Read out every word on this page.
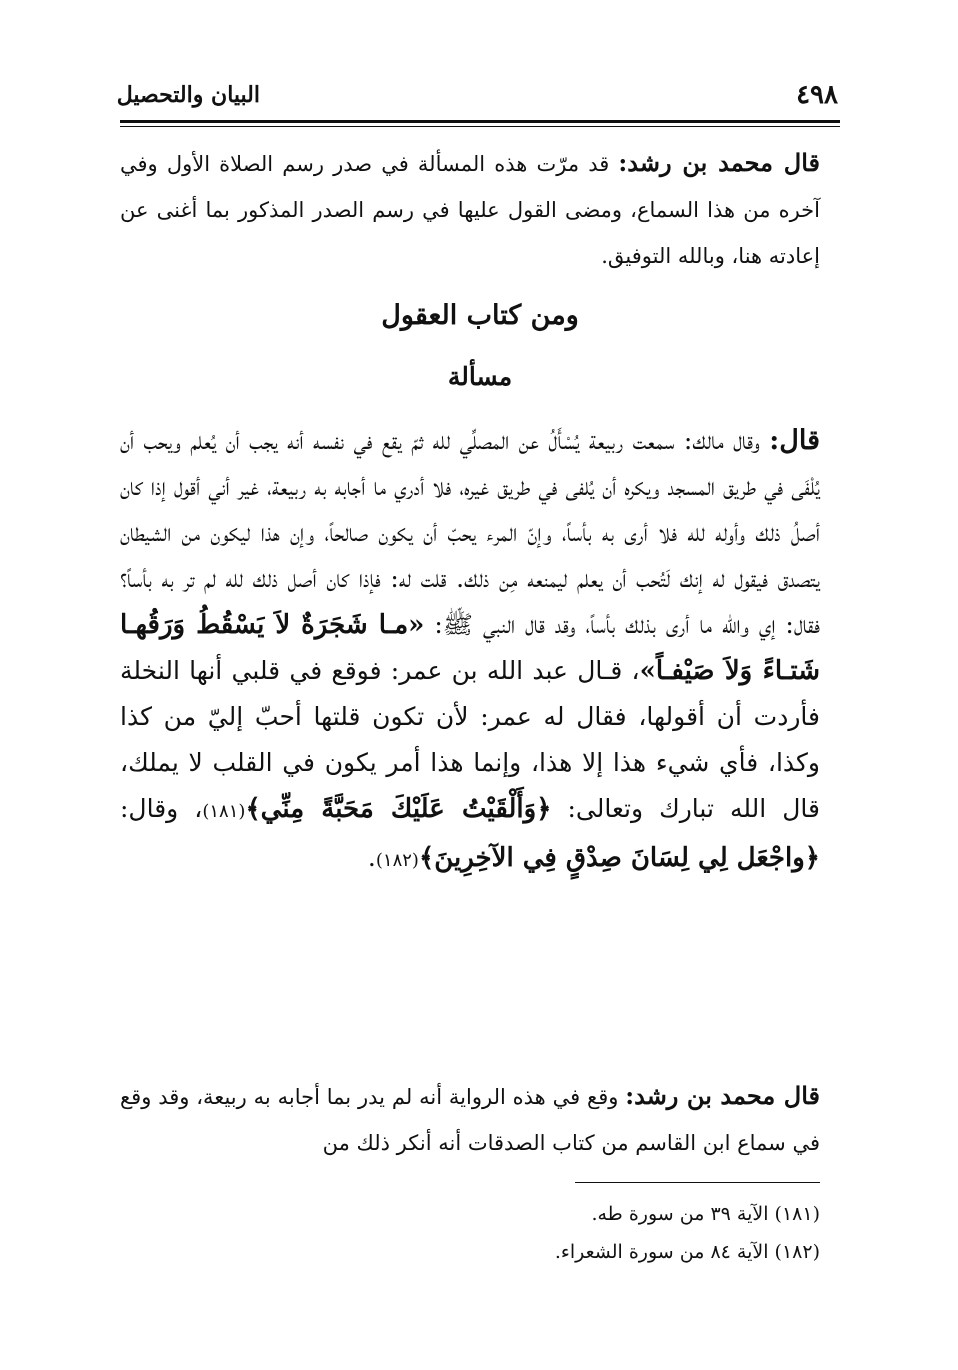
٤٩٨
البيان والتحصيل

قال محمد بن رشد: قد مرّت هذه المسألة في صدر رسم الصلاة الأول وفي آخره من هذا السماع، ومضى القول عليها في رسم الصدر المذكور بما أغنى عن إعادته هنا، وبالله التوفيق.

ومن كتاب العقول
مسألة

قال: وقال مالك: سمعت ربيعة يُسْأَلُ عن المصلِّي لله ثمّ يقع في نفسه أنه يجب أن يُعلم ويحب أن يُلْفَى في طريق المسجد ويكره أن يُلفى في طريق غيره، فلا أدري ما أجابه به ربيعة، غير أني أقول إذا كان أصلُ ذلك وأوله لله فلا أرى به بأساً، وإنّ المرء يحبّ أن يكون صالحاً، وإن هذا ليكون من الشيطان يتصدق فيقول له إنك لَتُحب أن يعلم ليمنعه مِن ذلك. قلت له: فإذا كان أصل ذلك لله لم تر به بأساً؟ فقال: إي والله ما أرى بذلك بأساً، وقد قال النبي ﷺ: «مـا شَجَرَةٌ لاَ يَسْقُطُ وَرَقُهـا شَتـاءً وَلاَ صَيْفـاً»، قـال عبد الله بن عمر: فوقع في قلبي أنها النخلة فأردت أن أقولها، فقال له عمر: لأن تكون قلتها أحبّ إليّ من كذا وكذا، فأي شيء هذا إلا هذا، وإنما هذا أمر يكون في القلب لا يملك، قال الله تبارك وتعالى: ﴿وَأَلْقَيْتُ عَلَيْكَ مَحَبَّةً مِنِّي﴾(١٨١)، وقال: ﴿واجْعَل لِي لِسَانَ صِدْقٍ فِي الآخِرِينَ﴾(١٨٢).

قال محمد بن رشد: وقع في هذه الرواية أنه لم يدر بما أجابه به ربيعة، وقد وقع في سماع ابن القاسم من كتاب الصدقات أنه أنكر ذلك من

(١٨١) الآية ٣٩ من سورة طه.
(١٨٢) الآية ٨٤ من سورة الشعراء.
